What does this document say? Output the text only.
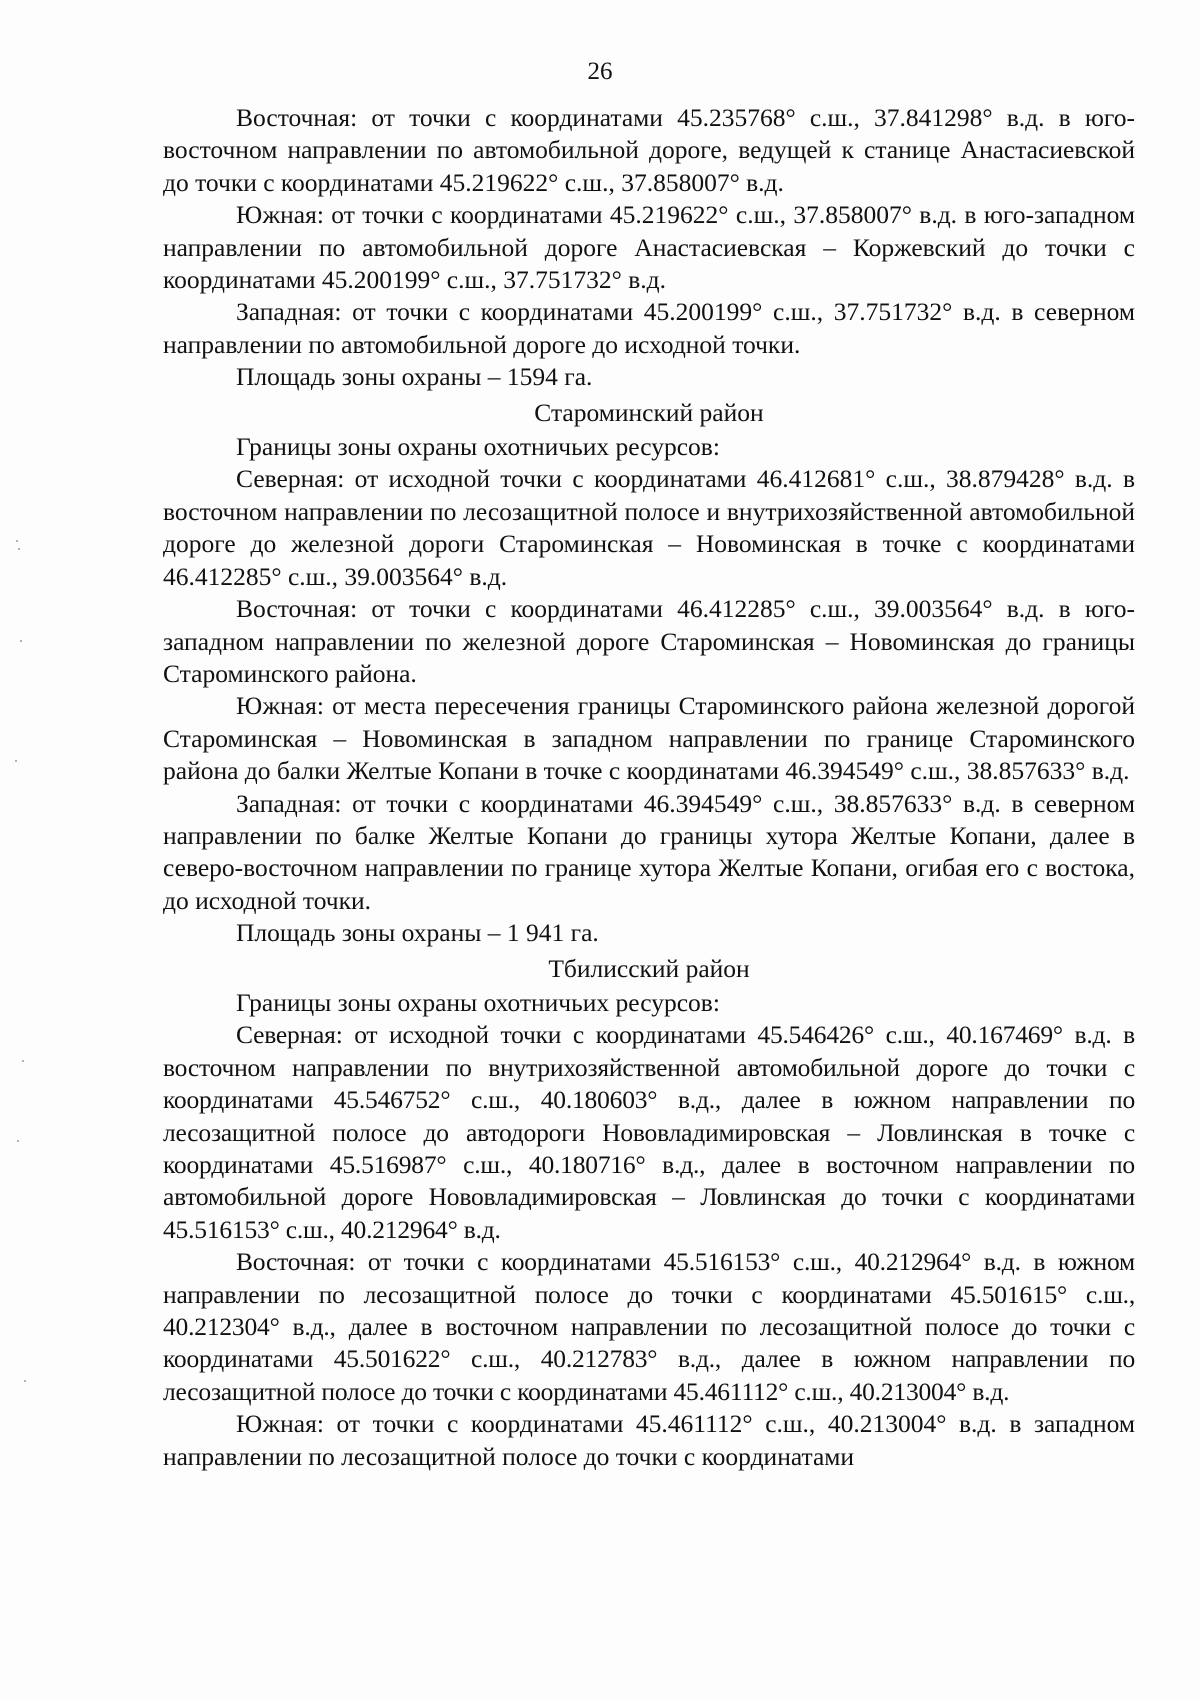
26

Восточная: от точки с координатами 45.235768° с.ш., 37.841298° в.д. в юго-восточном направлении по автомобильной дороге, ведущей к станице Анастасиевской до точки с координатами 45.219622° с.ш., 37.858007° в.д.

Южная: от точки с координатами 45.219622° с.ш., 37.858007° в.д. в юго-западном направлении по автомобильной дороге Анастасиевская – Коржевский до точки с координатами 45.200199° с.ш., 37.751732° в.д.

Западная: от точки с координатами 45.200199° с.ш., 37.751732° в.д. в северном направлении по автомобильной дороге до исходной точки.

Площадь зоны охраны – 1594 га.

Староминский район

Границы зоны охраны охотничьих ресурсов:

Северная: от исходной точки с координатами 46.412681° с.ш., 38.879428° в.д. в восточном направлении по лесозащитной полосе и внутрихозяйственной автомобильной дороге до железной дороги Староминская – Новоминская в точке с координатами 46.412285° с.ш., 39.003564° в.д.

Восточная: от точки с координатами 46.412285° с.ш., 39.003564° в.д. в юго-западном направлении по железной дороге Староминская – Новоминская до границы Староминского района.

Южная: от места пересечения границы Староминского района железной дорогой Староминская – Новоминская в западном направлении по границе Староминского района до балки Желтые Копани в точке с координатами 46.394549° с.ш., 38.857633° в.д.

Западная: от точки с координатами 46.394549° с.ш., 38.857633° в.д. в северном направлении по балке Желтые Копани до границы хутора Желтые Копани, далее в северо-восточном направлении по границе хутора Желтые Копани, огибая его с востока, до исходной точки.

Площадь зоны охраны – 1 941 га.

Тбилисский район

Границы зоны охраны охотничьих ресурсов:

Северная: от исходной точки с координатами 45.546426° с.ш., 40.167469° в.д. в восточном направлении по внутрихозяйственной автомобильной дороге до точки с координатами 45.546752° с.ш., 40.180603° в.д., далее в южном направлении по лесозащитной полосе до автодороги Нововладимировская – Ловлинская в точке с координатами 45.516987° с.ш., 40.180716° в.д., далее в восточном направлении по автомобильной дороге Нововладимировская – Ловлинская до точки с координатами 45.516153° с.ш., 40.212964° в.д.

Восточная: от точки с координатами 45.516153° с.ш., 40.212964° в.д. в южном направлении по лесозащитной полосе до точки с координатами 45.501615° с.ш., 40.212304° в.д., далее в восточном направлении по лесозащитной полосе до точки с координатами 45.501622° с.ш., 40.212783° в.д., далее в южном направлении по лесозащитной полосе до точки с координатами 45.461112° с.ш., 40.213004° в.д.

Южная: от точки с координатами 45.461112° с.ш., 40.213004° в.д. в западном направлении по лесозащитной полосе до точки с координатами
